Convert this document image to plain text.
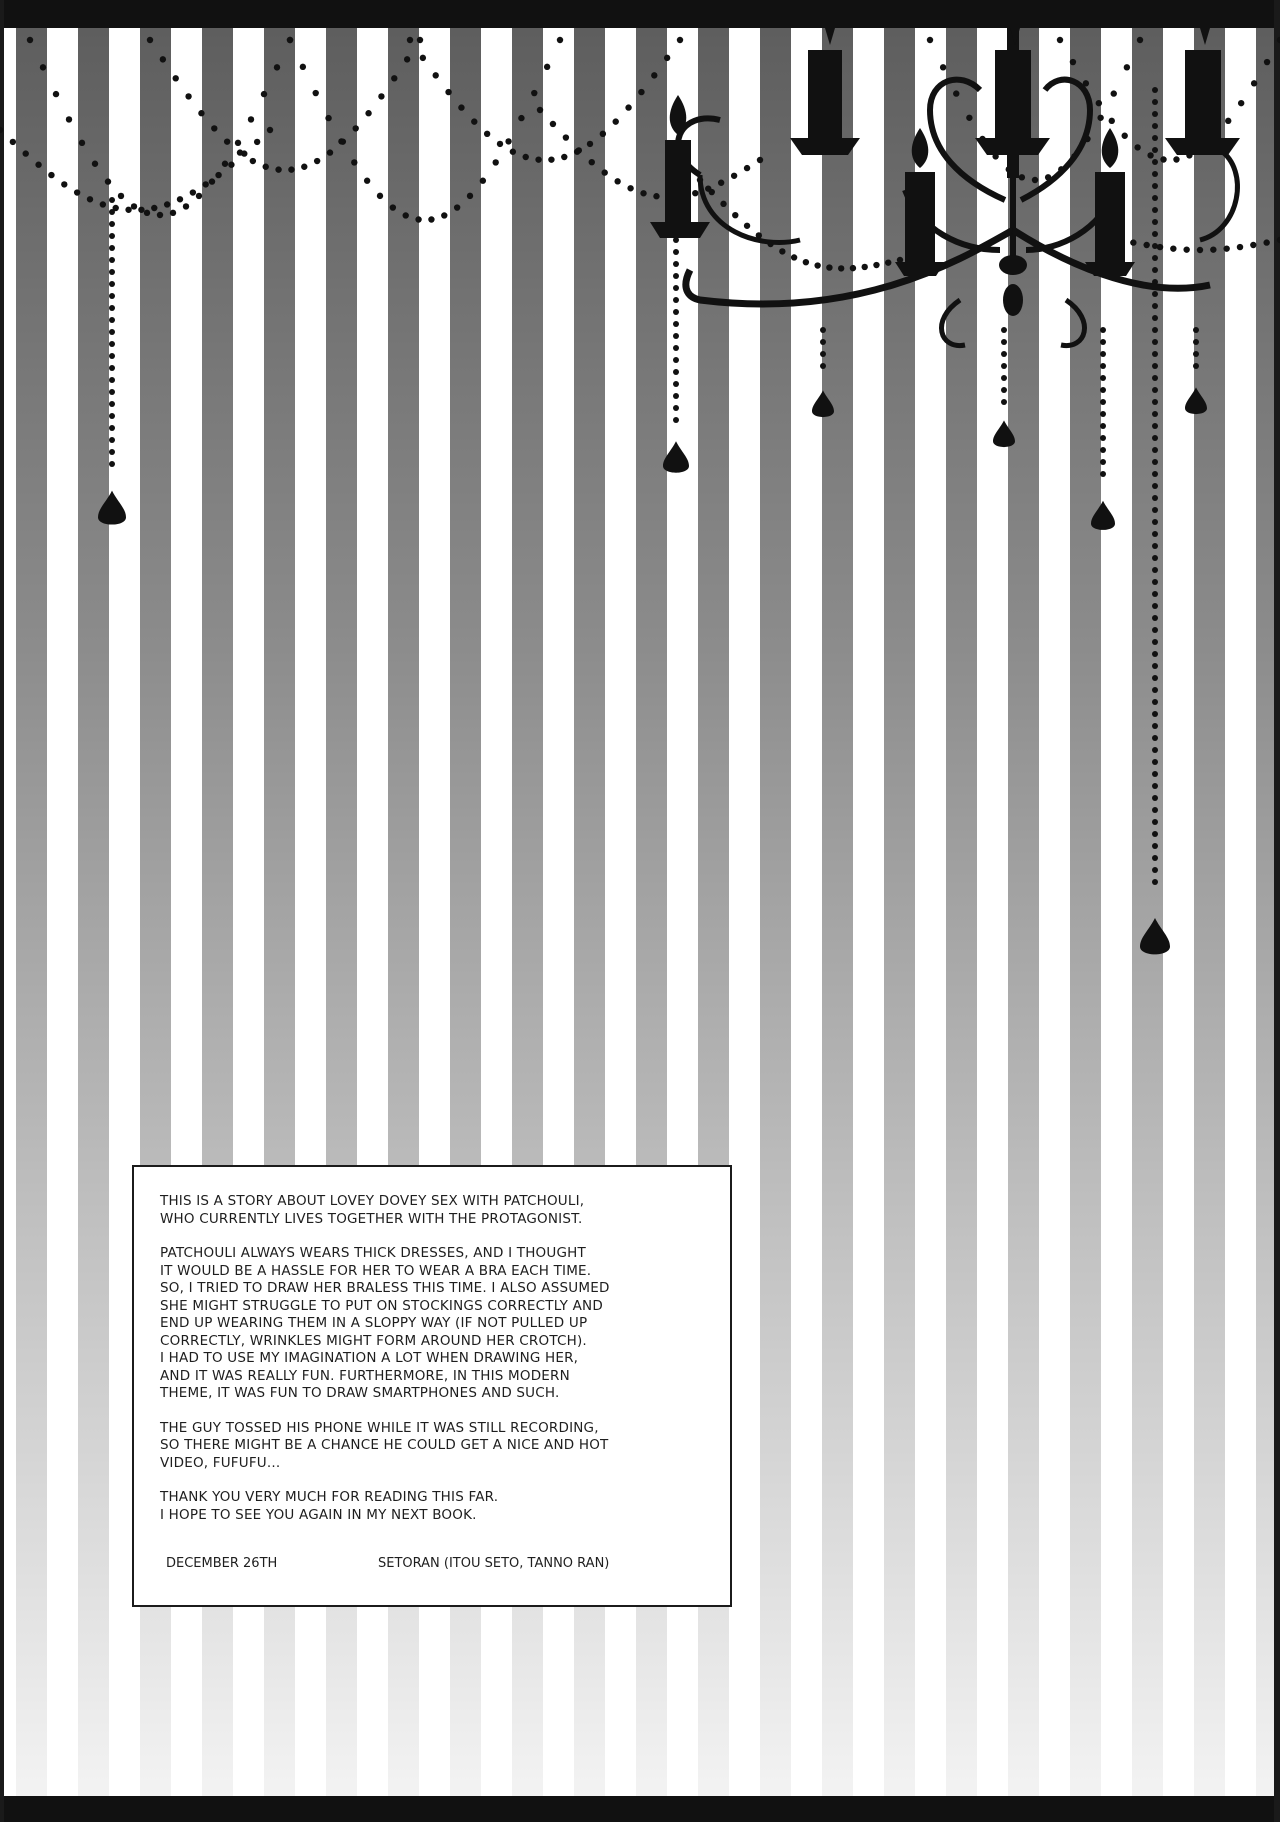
THIS IS A STORY ABOUT LOVEY DOVEY SEX WITH PATCHOULI,
WHO CURRENTLY LIVES TOGETHER WITH THE PROTAGONIST.
PATCHOULI ALWAYS WEARS THICK DRESSES, AND I THOUGHT
IT WOULD BE A HASSLE FOR HER TO WEAR A BRA EACH TIME.
SO, I TRIED TO DRAW HER BRALESS THIS TIME. I ALSO ASSUMED
SHE MIGHT STRUGGLE TO PUT ON STOCKINGS CORRECTLY AND
END UP WEARING THEM IN A SLOPPY WAY (IF NOT PULLED UP
CORRECTLY, WRINKLES MIGHT FORM AROUND HER CROTCH).
I HAD TO USE MY IMAGINATION A LOT WHEN DRAWING HER,
AND IT WAS REALLY FUN. FURTHERMORE, IN THIS MODERN
THEME, IT WAS FUN TO DRAW SMARTPHONES AND SUCH.
THE GUY TOSSED HIS PHONE WHILE IT WAS STILL RECORDING,
SO THERE MIGHT BE A CHANCE HE COULD GET A NICE AND HOT
VIDEO, FUFUFU...
THANK YOU VERY MUCH FOR READING THIS FAR.
I HOPE TO SEE YOU AGAIN IN MY NEXT BOOK.
DECEMBER 26TH	SETORAN (ITOU SETO, TANNO RAN)
